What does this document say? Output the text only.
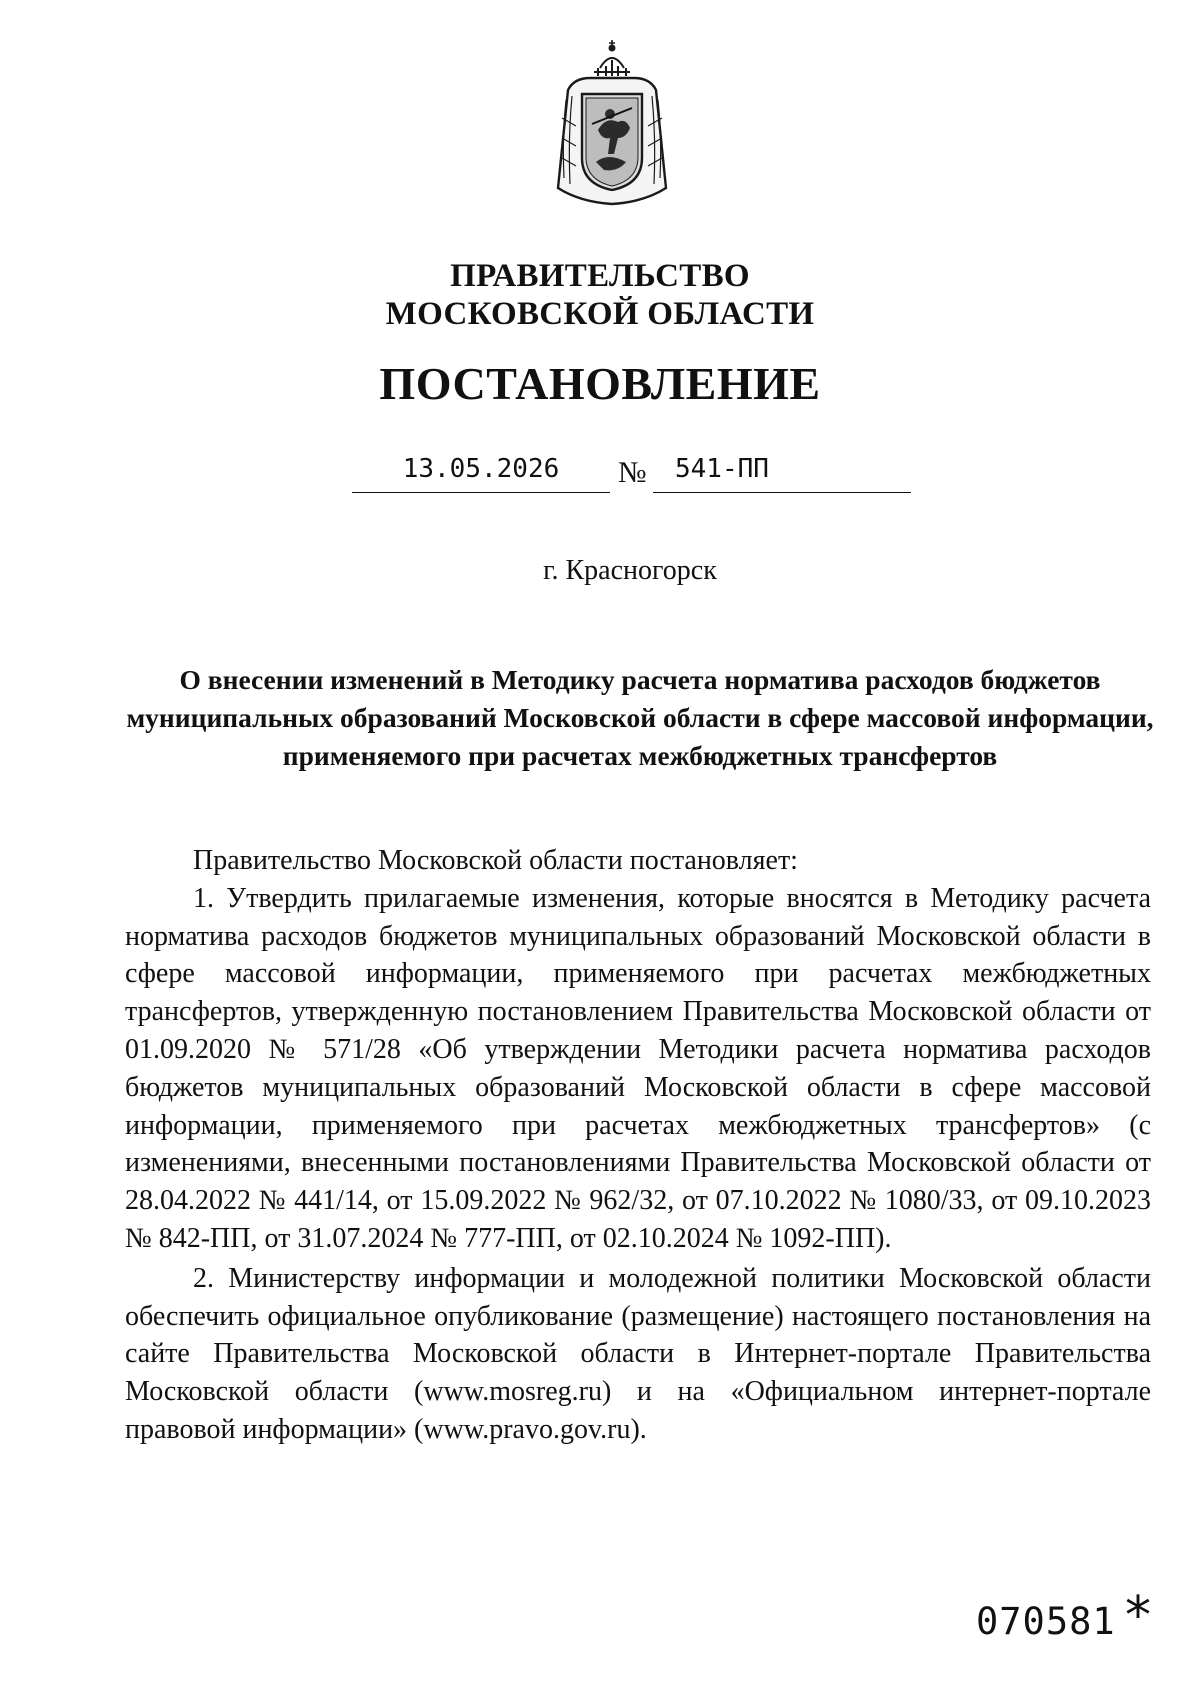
ПРАВИТЕЛЬСТВО
МОСКОВСКОЙ ОБЛАСТИ
ПОСТАНОВЛЕНИЕ
13.05.2026	№ 541-ПП
г. Красногорск
О внесении изменений в Методику расчета норматива расходов бюджетов муниципальных образований Московской области в сфере массовой информации, применяемого при расчетах межбюджетных трансфертов

Правительство Московской области постановляет:

1. Утвердить прилагаемые изменения, которые вносятся в Методику расчета норматива расходов бюджетов муниципальных образований Московской области в сфере массовой информации, применяемого при расчетах межбюджетных трансфертов, утвержденную постановлением Правительства Московской области от 01.09.2020 № 571/28 «Об утверждении Методики расчета норматива расходов бюджетов муниципальных образований Московской области в сфере массовой информации, применяемого при расчетах межбюджетных трансфертов» (с изменениями, внесенными постановлениями Правительства Московской области от 28.04.2022 № 441/14, от 15.09.2022 № 962/32, от 07.10.2022 № 1080/33, от 09.10.2023 № 842-ПП, от 31.07.2024 № 777-ПП, от 02.10.2024 № 1092-ПП).

2. Министерству информации и молодежной политики Московской области обеспечить официальное опубликование (размещение) настоящего постановления на сайте Правительства Московской области в Интернет-портале Правительства Московской области (www.mosreg.ru) и на «Официальном интернет-портале правовой информации» (www.pravo.gov.ru).

070581 *
